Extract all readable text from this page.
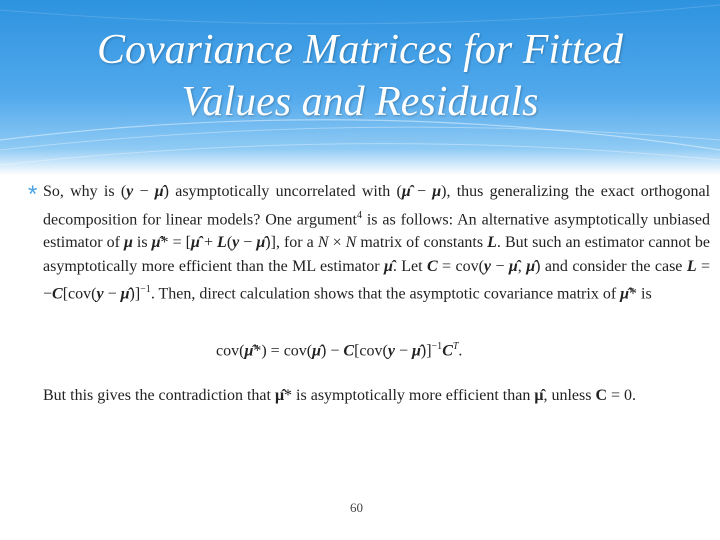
Covariance Matrices for Fitted
Values and Residuals
* So, why is (y − μ̂) asymptotically uncorrelated with (μ̂ − μ), thus generalizing the exact orthogonal decomposition for linear models? One argument$^4$ is as follows: An alternative asymptotically unbiased estimator of μ is μ̂* = [μ̂ + L(y − μ̂)], for a N × N matrix of constants L. But such an estimator cannot be asymptotically more efficient than the ML estimator μ̂. Let C = cov(y − μ̂, μ̂) and consider the case L = −C[cov(y − μ̂)]$^{-1}$. Then, direct calculation shows that the asymptotic covariance matrix of μ̂* is

cov(μ̂*) = cov(μ̂) − $C[cov(y - \mû)]^{-1}C^T$.

But this gives the contradiction that μ̂* is asymptotically more efficient than μ̂, unless C = 0.

60
